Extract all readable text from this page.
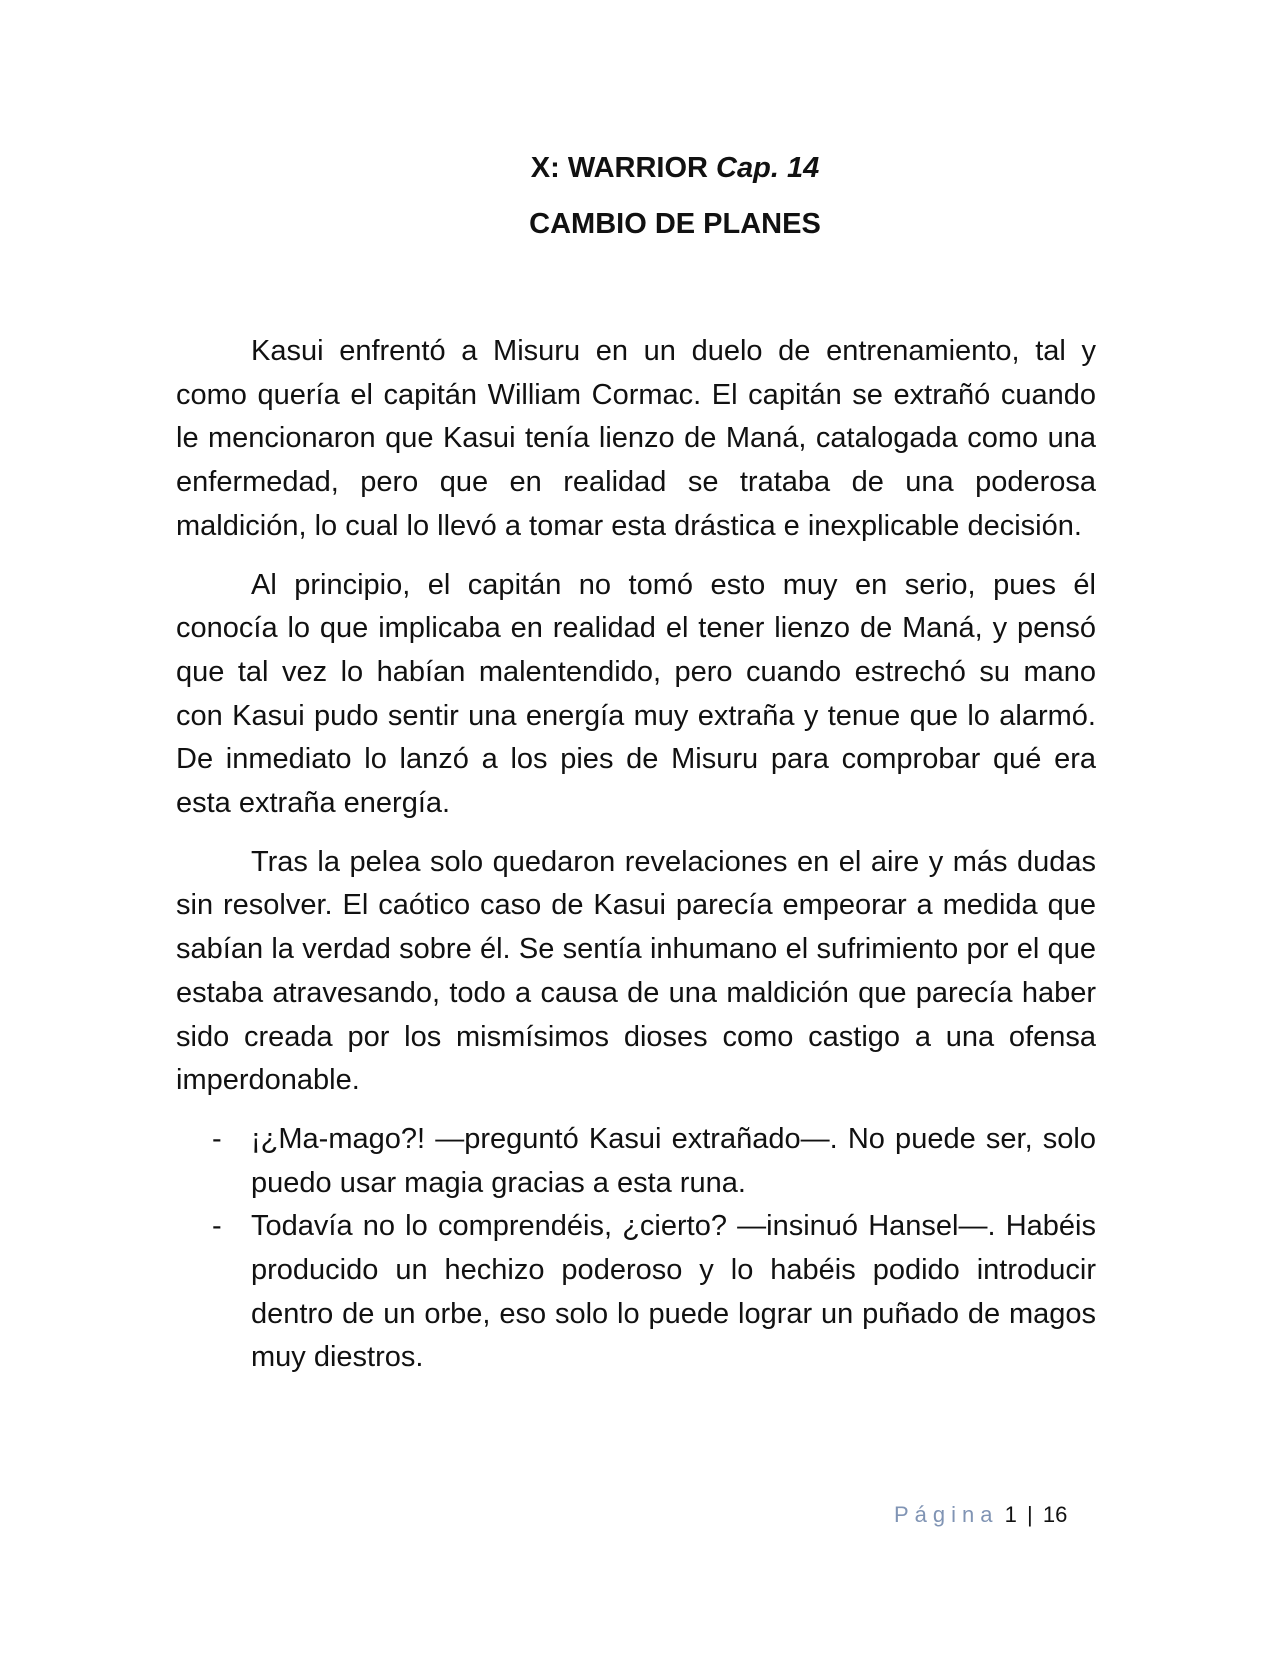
X: WARRIOR Cap. 14

CAMBIO DE PLANES

Kasui enfrentó a Misuru en un duelo de entrenamiento, tal y como quería el capitán William Cormac. El capitán se extrañó cuando le mencionaron que Kasui tenía lienzo de Maná, catalogada como una enfermedad, pero que en realidad se trataba de una poderosa maldición, lo cual lo llevó a tomar esta drástica e inexplicable decisión.

Al principio, el capitán no tomó esto muy en serio, pues él conocía lo que implicaba en realidad el tener lienzo de Maná, y pensó que tal vez lo habían malentendido, pero cuando estrechó su mano con Kasui pudo sentir una energía muy extraña y tenue que lo alarmó. De inmediato lo lanzó a los pies de Misuru para comprobar qué era esta extraña energía.

Tras la pelea solo quedaron revelaciones en el aire y más dudas sin resolver. El caótico caso de Kasui parecía empeorar a medida que sabían la verdad sobre él. Se sentía inhumano el sufrimiento por el que estaba atravesando, todo a causa de una maldición que parecía haber sido creada por los mismísimos dioses como castigo a una ofensa imperdonable.

- ¡¿Ma-mago?! —preguntó Kasui extrañado—. No puede ser, solo puedo usar magia gracias a esta runa.
- Todavía no lo comprendéis, ¿cierto? —insinuó Hansel—. Habéis producido un hechizo poderoso y lo habéis podido introducir dentro de un orbe, eso solo lo puede lograr un puñado de magos muy diestros.
Página 1 | 16
